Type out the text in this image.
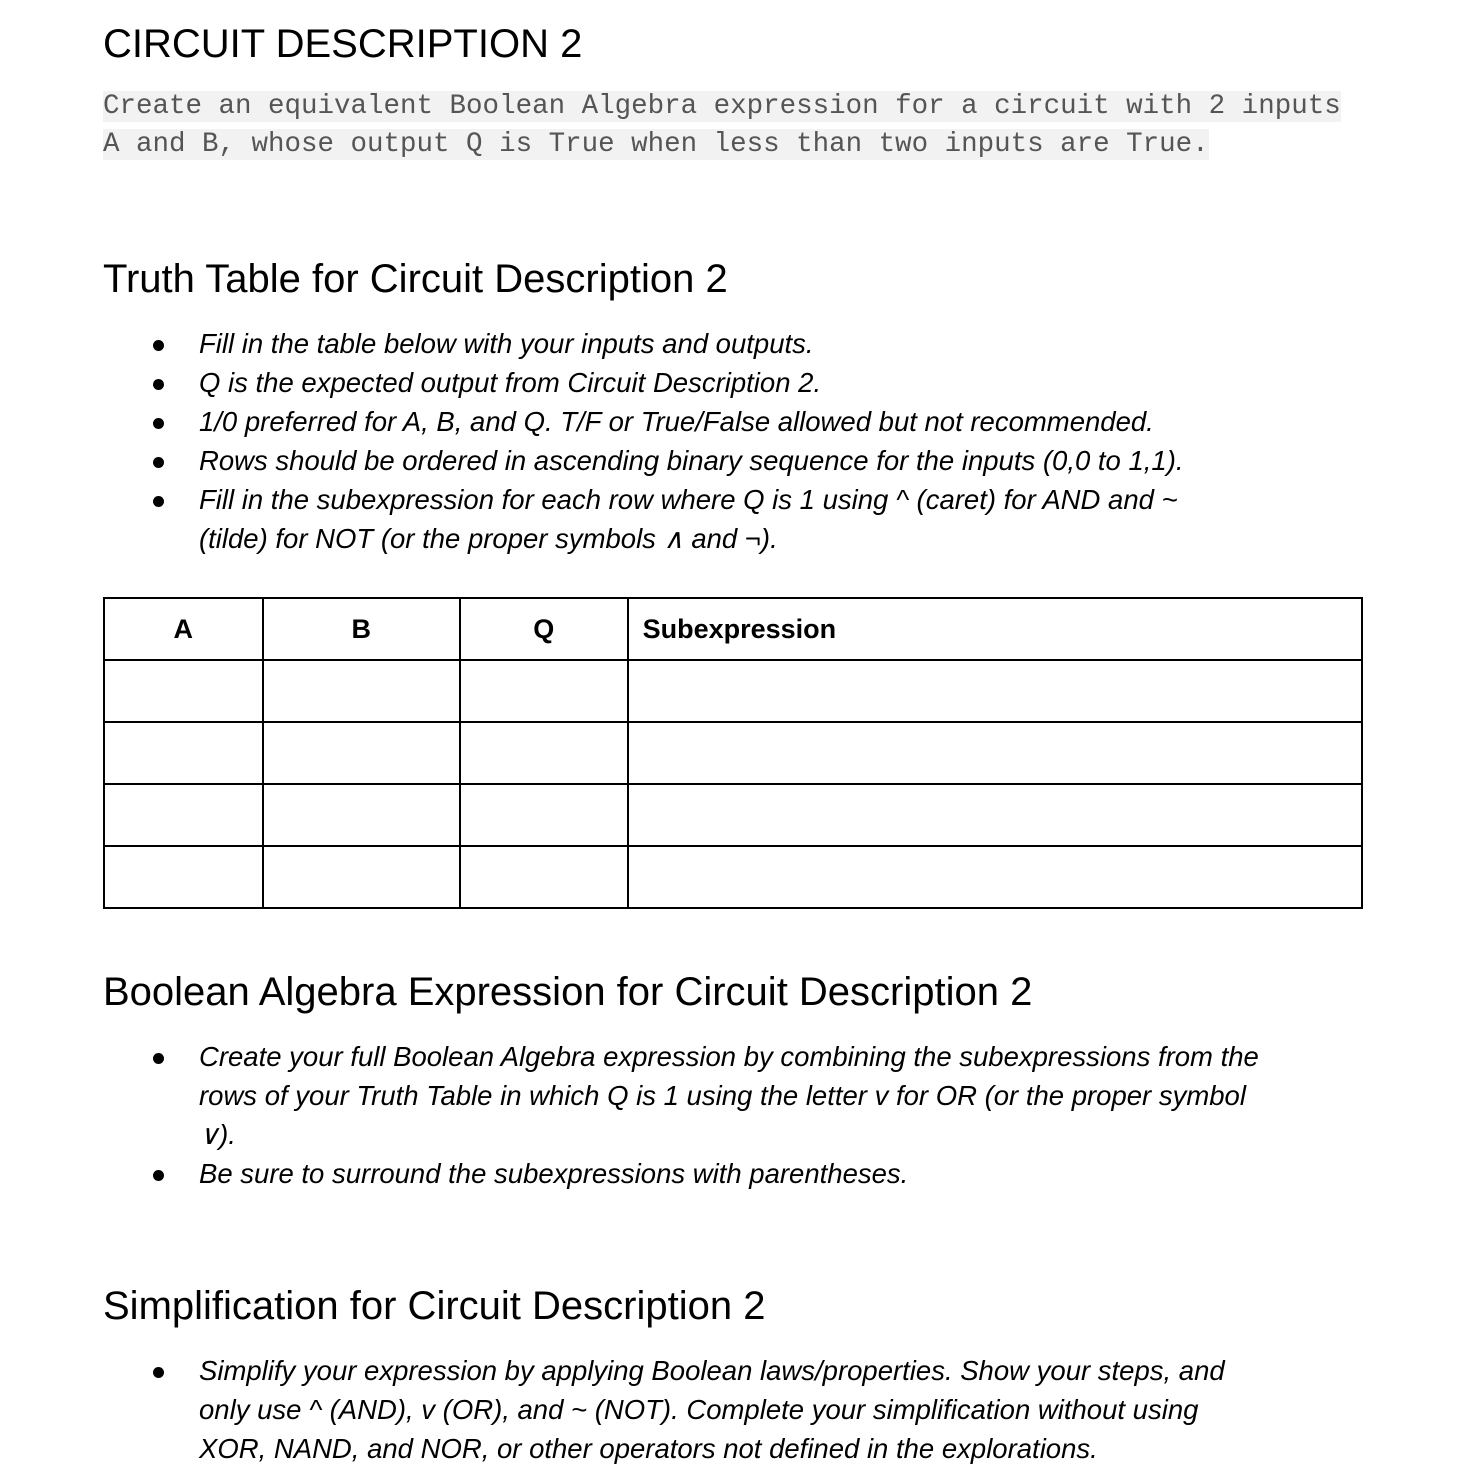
CIRCUIT DESCRIPTION 2
Create an equivalent Boolean Algebra expression for a circuit with 2 inputs A and B, whose output Q is True when less than two inputs are True.
Truth Table for Circuit Description 2
Fill in the table below with your inputs and outputs.
Q is the expected output from Circuit Description 2.
1/0 preferred for A, B, and Q. T/F or True/False allowed but not recommended.
Rows should be ordered in ascending binary sequence for the inputs (0,0 to 1,1).
Fill in the subexpression for each row where Q is 1 using ^ (caret) for AND and ~
(tilde) for NOT (or the proper symbols ∧ and ¬).
A	B	Q	Subexpression

Boolean Algebra Expression for Circuit Description 2
Create your full Boolean Algebra expression by combining the subexpressions from the
rows of your Truth Table in which Q is 1 using the letter v for OR (or the proper symbol
∨).
Be sure to surround the subexpressions with parentheses.
Simplification for Circuit Description 2
Simplify your expression by applying Boolean laws/properties. Show your steps, and
only use ^ (AND), v (OR), and ~ (NOT). Complete your simplification without using
XOR, NAND, and NOR, or other operators not defined in the explorations.
